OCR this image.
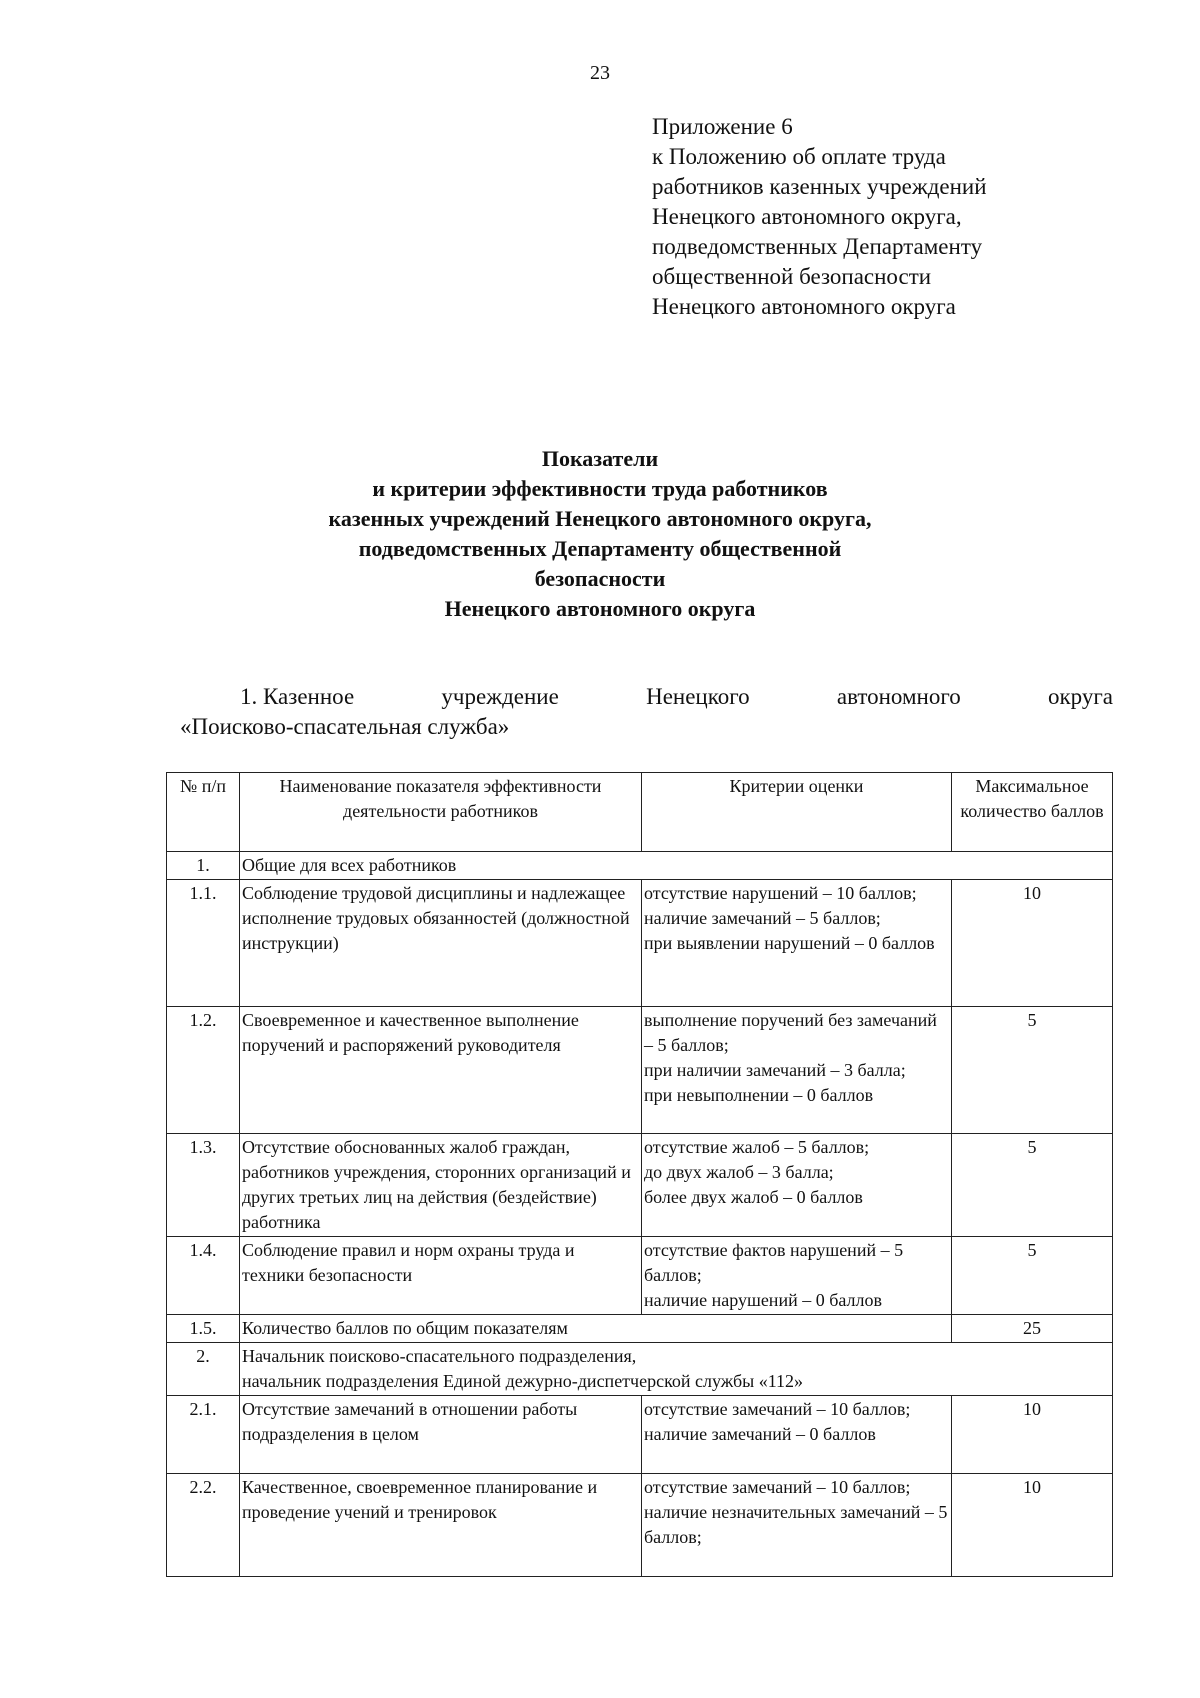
23
Приложение 6
к Положению об оплате труда
работников казенных учреждений
Ненецкого автономного округа,
подведомственных Департаменту
общественной безопасности
Ненецкого автономного округа
Показатели
и критерии эффективности труда работников
казенных учреждений Ненецкого автономного округа,
подведомственных Департаменту общественной
безопасности
Ненецкого автономного округа
1. Казенное	учреждение	Ненецкого	автономного	округа
«Поисково-спасательная служба»
№ п/п	Наименование показателя эффективности деятельности работников	Критерии оценки	Максимальное количество баллов
1.	Общие для всех работников		
1.1.	Соблюдение трудовой дисциплины и надлежащее исполнение трудовых обязанностей (должностной инструкции)	отсутствие нарушений – 10 баллов;
наличие замечаний – 5 баллов;
при выявлении нарушений – 0 баллов	10
1.2.	Своевременное и качественное выполнение поручений и распоряжений руководителя	выполнение поручений без замечаний – 5 баллов;
при наличии замечаний – 3 балла;
при невыполнении – 0 баллов	5
1.3.	Отсутствие обоснованных жалоб граждан, работников учреждения, сторонних организаций и других третьих лиц на действия (бездействие) работника	отсутствие жалоб – 5 баллов;
до двух жалоб – 3 балла;
более двух жалоб – 0 баллов	5
1.4.	Соблюдение правил и норм охраны труда и техники безопасности	отсутствие фактов нарушений – 5 баллов;
наличие нарушений – 0 баллов	5
1.5.	Количество баллов по общим показателям		25
2.	Начальник поисково-спасательного подразделения,
начальник подразделения Единой дежурно-диспетчерской службы «112»		

2.1.	Отсутствие замечаний в отношении работы подразделения в целом	отсутствие замечаний – 10 баллов;
наличие замечаний – 0 баллов	10
2.2.	Качественное, своевременное планирование и проведение учений и тренировок	отсутствие замечаний – 10 баллов;
наличие незначительных замечаний – 5 баллов;	10
